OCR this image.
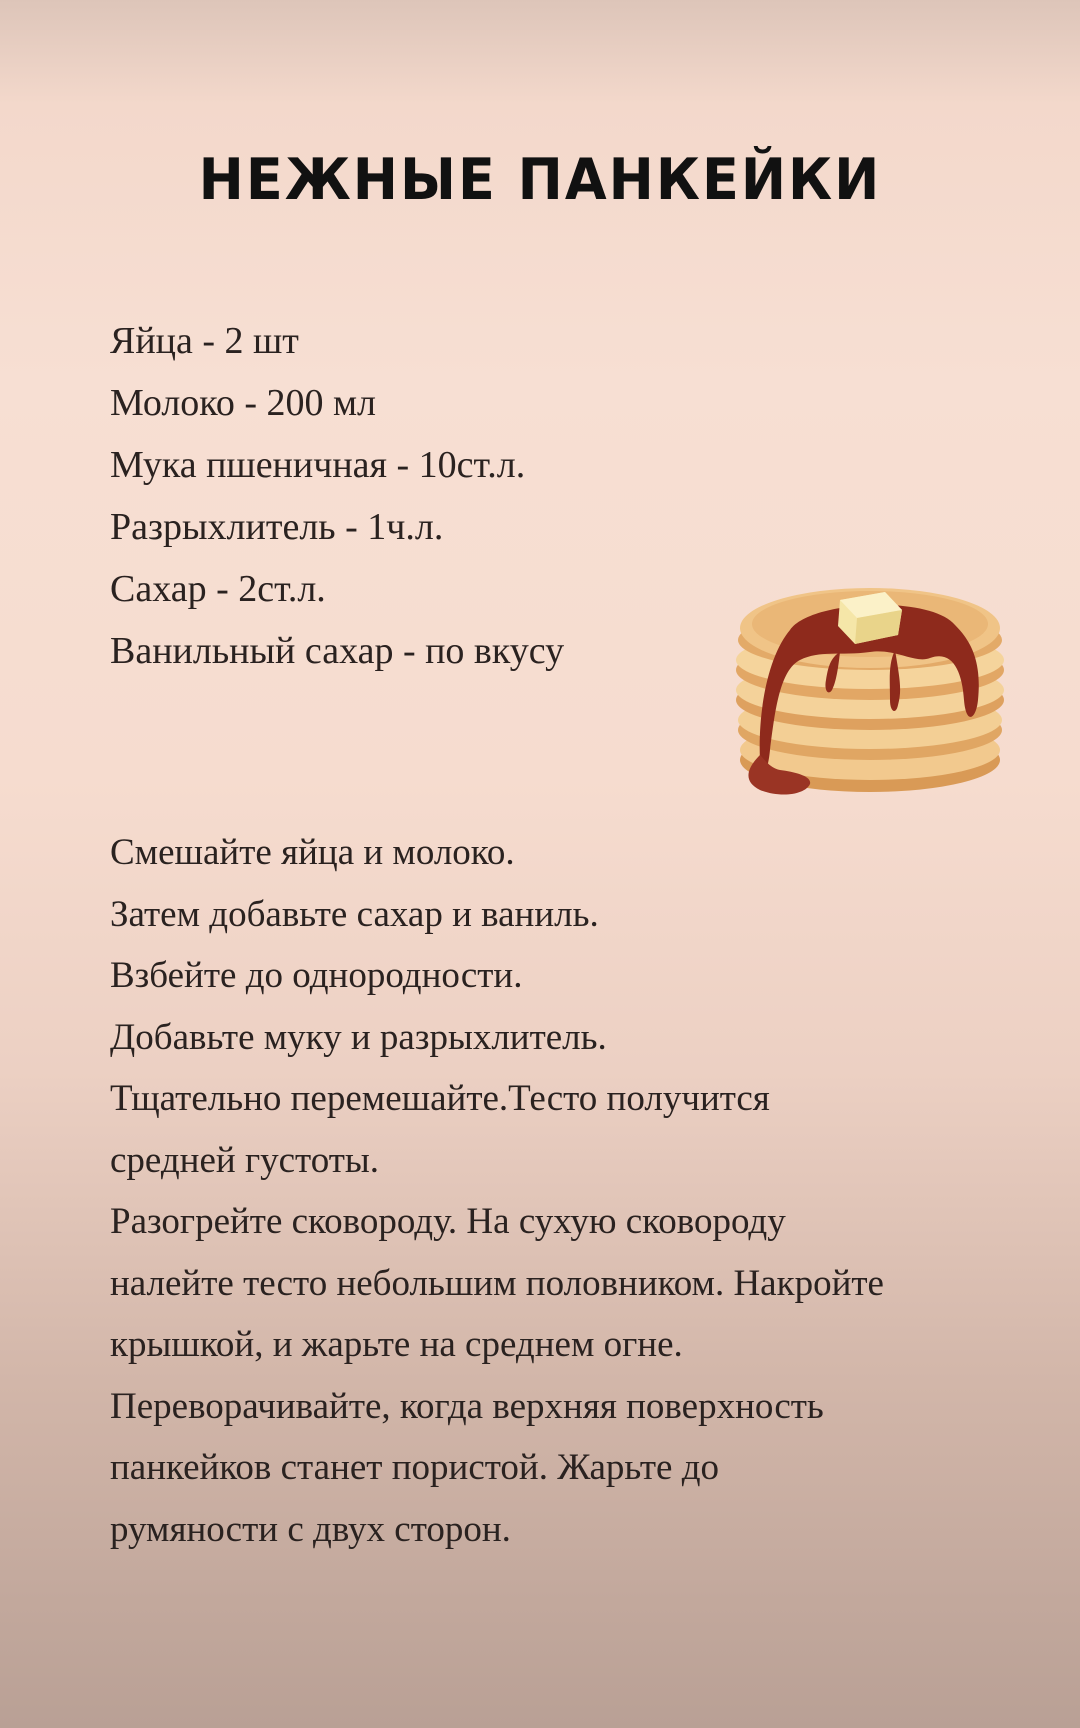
НЕЖНЫЕ ПАНКЕЙКИ
Яйца - 2 шт
Молоко - 200 мл
Мука пшеничная - 10ст.л.
Разрыхлитель - 1ч.л.
Сахар - 2ст.л.
Ванильный сахар - по вкусу
Смешайте яйца и молоко.
Затем добавьте сахар и ваниль.
Взбейте до однородности.
Добавьте муку и разрыхлитель.
Тщательно перемешайте.Тесто получится
средней густоты.
Разогрейте сковороду. На сухую сковороду
налейте тесто небольшим половником. Накройте
крышкой, и жарьте на среднем огне.
Переворачивайте, когда верхняя поверхность
панкейков станет пористой. Жарьте до
румяности с двух сторон.
